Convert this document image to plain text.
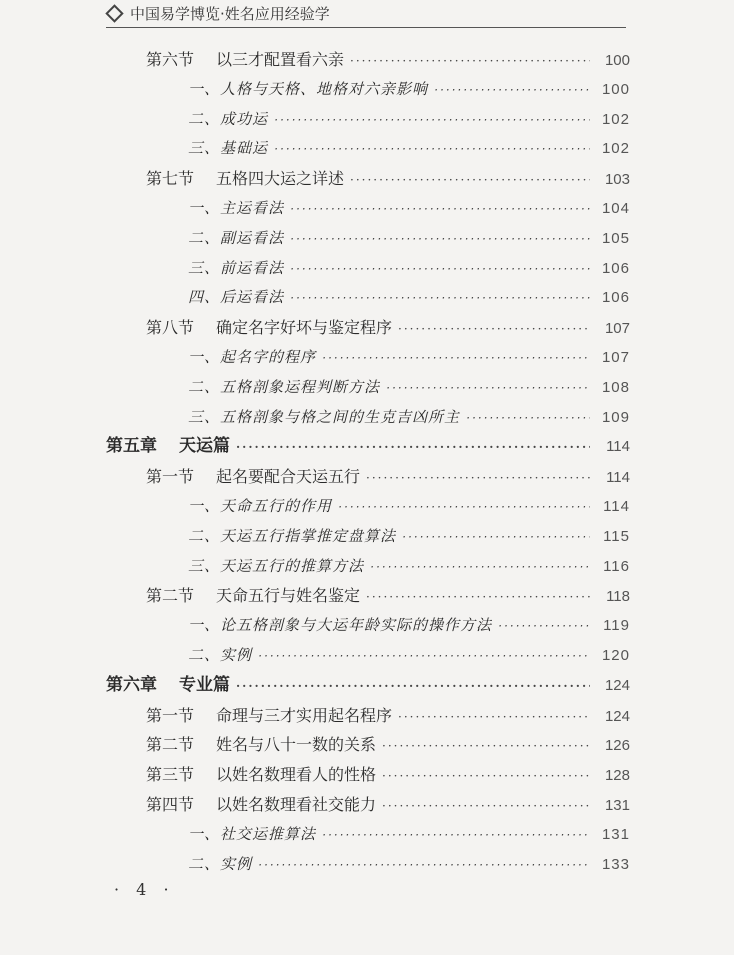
中国易学博览·姓名应用经验学
第六节 以三才配置看六亲 ·····	100
一、人格与天格、地格对六亲影响 ·····	100
二、成功运 ·····	102
三、基础运 ·····	102
第七节 五格四大运之详述 ·····	103
一、主运看法 ·····	104
二、副运看法 ·····	105
三、前运看法 ·····	106
四、后运看法 ·····	106
第八节 确定名字好坏与鉴定程序 ·····	107
一、起名字的程序 ·····	107
二、五格剖象运程判断方法 ·····	108
三、五格剖象与格之间的生克吉凶所主 ·····	109
第五章 天运篇 ·····	114
第一节 起名要配合天运五行 ·····	114
一、天命五行的作用 ·····	114
二、天运五行指掌推定盘算法 ·····	115
三、天运五行的推算方法 ·····	116
第二节 天命五行与姓名鉴定 ·····	118
一、论五格剖象与大运年龄实际的操作方法 ·····	119
二、实例 ·····	120
第六章 专业篇 ·····	124
第一节 命理与三才实用起名程序 ·····	124
第二节 姓名与八十一数的关系 ·····	126
第三节 以姓名数理看人的性格 ·····	128
第四节 以姓名数理看社交能力 ·····	131
一、社交运推算法 ·····	131
二、实例 ·····	133
· 4 ·
